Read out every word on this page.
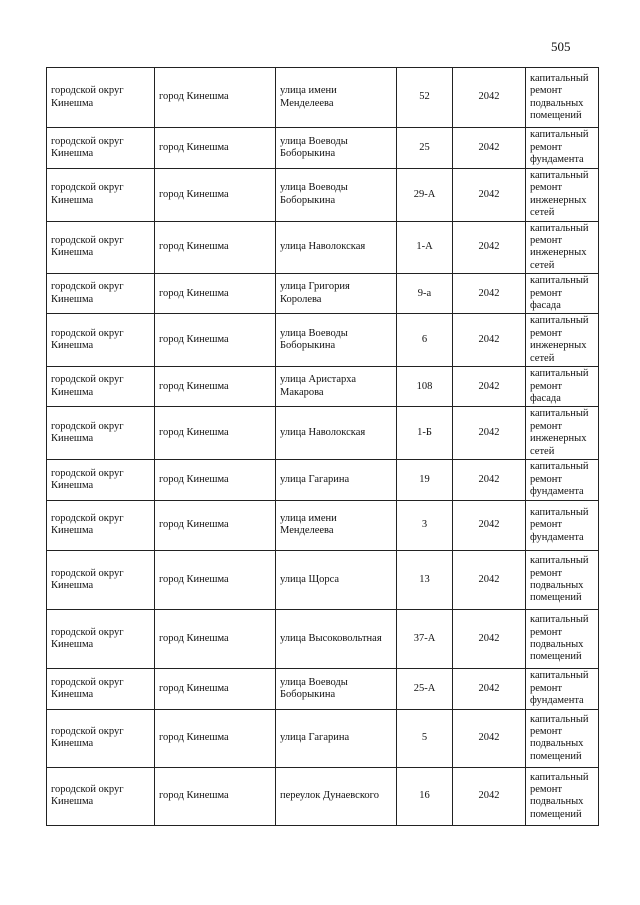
505
городской округ Кинешма	город Кинешма	улица имени Менделеева	52	2042	капитальный ремонт подвальных помещений
городской округ Кинешма	город Кинешма	улица Воеводы Боборыкина	25	2042	капитальный ремонт фундамента
городской округ Кинешма	город Кинешма	улица Воеводы Боборыкина	29-А	2042	капитальный ремонт инженерных сетей
городской округ Кинешма	город Кинешма	улица Наволокская	1-А	2042	капитальный ремонт инженерных сетей
городской округ Кинешма	город Кинешма	улица Григория Королева	9-а	2042	капитальный ремонт фасада
городской округ Кинешма	город Кинешма	улица Воеводы Боборыкина	6	2042	капитальный ремонт инженерных сетей
городской округ Кинешма	город Кинешма	улица Аристарха Макарова	108	2042	капитальный ремонт фасада
городской округ Кинешма	город Кинешма	улица Наволокская	1-Б	2042	капитальный ремонт инженерных сетей
городской округ Кинешма	город Кинешма	улица Гагарина	19	2042	капитальный ремонт фундамента
городской округ Кинешма	город Кинешма	улица имени Менделеева	3	2042	капитальный ремонт фундамента
городской округ Кинешма	город Кинешма	улица Щорса	13	2042	капитальный ремонт подвальных помещений
городской округ Кинешма	город Кинешма	улица Высоковольтная	37-А	2042	капитальный ремонт подвальных помещений
городской округ Кинешма	город Кинешма	улица Воеводы Боборыкина	25-А	2042	капитальный ремонт фундамента
городской округ Кинешма	город Кинешма	улица Гагарина	5	2042	капитальный ремонт подвальных помещений
городской округ Кинешма	город Кинешма	переулок Дунаевского	16	2042	капитальный ремонт подвальных помещений
